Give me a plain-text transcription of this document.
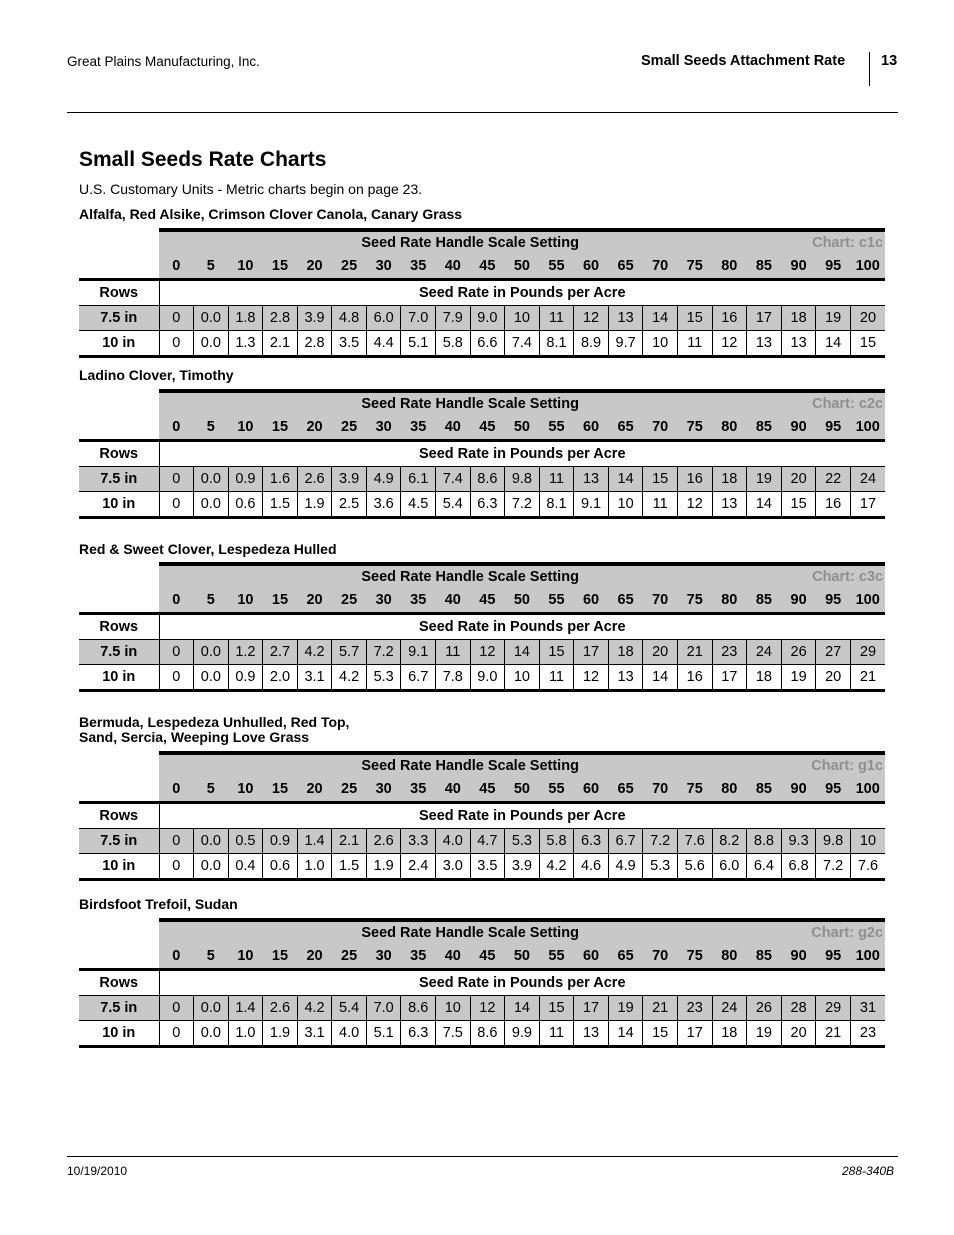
Great Plains Manufacturing, Inc.	Small Seeds Attachment Rate 13
Small Seeds Rate Charts
U.S. Customary Units - Metric charts begin on page 23.
Alfalfa, Red Alsike, Crimson Clover Canola, Canary Grass
	Seed Rate Handle Scale Setting																		Chart: c1c		
	0	5	10	15	20	25	30	35	40	45	50	55	60	65	70	75	80	85	90	95	100
Rows	Seed Rate in Pounds per Acre																				
7.5 in	0	0.0	1.8	2.8	3.9	4.8	6.0	7.0	7.9	9.0	10	11	12	13	14	15	16	17	18	19	20
10 in	0	0.0	1.3	2.1	2.8	3.5	4.4	5.1	5.8	6.6	7.4	8.1	8.9	9.7	10	11	12	13	13	14	15
Ladino Clover, Timothy
	Seed Rate Handle Scale Setting																		Chart: c2c		
	0	5	10	15	20	25	30	35	40	45	50	55	60	65	70	75	80	85	90	95	100
Rows	Seed Rate in Pounds per Acre																				
7.5 in	0	0.0	0.9	1.6	2.6	3.9	4.9	6.1	7.4	8.6	9.8	11	13	14	15	16	18	19	20	22	24
10 in	0	0.0	0.6	1.5	1.9	2.5	3.6	4.5	5.4	6.3	7.2	8.1	9.1	10	11	12	13	14	15	16	17
Red & Sweet Clover, Lespedeza Hulled
	Seed Rate Handle Scale Setting																		Chart: c3c		
	0	5	10	15	20	25	30	35	40	45	50	55	60	65	70	75	80	85	90	95	100
Rows	Seed Rate in Pounds per Acre																				
7.5 in	0	0.0	1.2	2.7	4.2	5.7	7.2	9.1	11	12	14	15	17	18	20	21	23	24	26	27	29
10 in	0	0.0	0.9	2.0	3.1	4.2	5.3	6.7	7.8	9.0	10	11	12	13	14	16	17	18	19	20	21
Bermuda, Lespedeza Unhulled, Red Top,
Sand, Sercia, Weeping Love Grass
	Seed Rate Handle Scale Setting																		Chart: g1c		
	0	5	10	15	20	25	30	35	40	45	50	55	60	65	70	75	80	85	90	95	100
Rows	Seed Rate in Pounds per Acre																				
7.5 in	0	0.0	0.5	0.9	1.4	2.1	2.6	3.3	4.0	4.7	5.3	5.8	6.3	6.7	7.2	7.6	8.2	8.8	9.3	9.8	10
10 in	0	0.0	0.4	0.6	1.0	1.5	1.9	2.4	3.0	3.5	3.9	4.2	4.6	4.9	5.3	5.6	6.0	6.4	6.8	7.2	7.6
Birdsfoot Trefoil, Sudan
	Seed Rate Handle Scale Setting																		Chart: g2c		
	0	5	10	15	20	25	30	35	40	45	50	55	60	65	70	75	80	85	90	95	100
Rows	Seed Rate in Pounds per Acre																				
7.5 in	0	0.0	1.4	2.6	4.2	5.4	7.0	8.6	10	12	14	15	17	19	21	23	24	26	28	29	31
10 in	0	0.0	1.0	1.9	3.1	4.0	5.1	6.3	7.5	8.6	9.9	11	13	14	15	17	18	19	20	21	23
10/19/2010	288-340B
